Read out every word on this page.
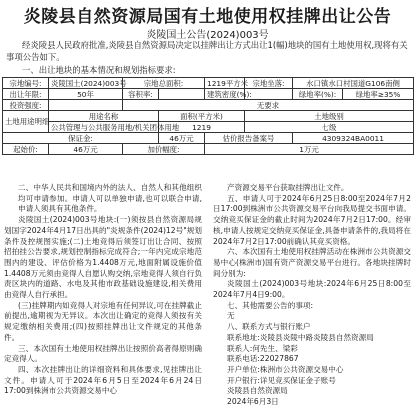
炎陵县自然资源局国有土地使用权挂牌出让公告
炎陵国土公告(2024)003号
经炎陵县人民政府批准,炎陵县自然资源局决定以挂牌出让方式出让1(幅)地块的国有土地使用权,现将有关事项公告如下。
一、出让地块的基本情况和规划指标要求:
宗地编号:	炎陵国土(2024)003号	宗地总面积:		1219平方米	宗地坐落:	水口镇水口村国道G106南侧	
出让年限:	50年	容积率:		建筑密度(%):		绿地率(%):	绿地率≥35%
投资强度:		无要求					
土地用途明细	用途名称		面积(平方米)		土地级别		
	公共管理与公共服务用地/机关团体用地		1219		七级		
保证金:			46万元	估价报告备案号		4309324BA0011	
起始价:	46万元	加价幅度:		1万元			

二、中华人民共和国境内外的法人、自然人和其他组织均可申请参加。申请人可以单独申请,也可以联合申请,申请人须具有其他条件。

炎陵国土(2024)003号地块:(一)须按县自然资源局规划国字2024年4月17日出具的"炎规条件(2024)12号"规划条件及控规图实施;(二)土地竞得后须签订出让合同、按照招拍挂公告要求,规划控制指标完成符合;一年内完成宗地范围内的建设、评估价格为1.4408万元,地面附属设施价值1.4408万元须由竞得人自愿认购交纳,宗地竞得人须自行负责区块内的道路、水电及其他市政基础设施建设,相关费用由竞得人自行承担。

(三)挂牌期内如竞得人对宗地有任何异议,可在挂牌截止前提出,逾期视为无异议。本次出让确定的竞得人须按有关规定缴纳相关费用;(四)按照挂牌出让文件规定的其他条件。

三、本次国有土地使用权挂牌出让按照价高者得原则确定竞得人。

四、本次挂牌出让的详细资料和具体要求,见挂牌出让文件。申请人可于2024年6月5日至2024年6月24日17:00到株洲市公共资源交易中心

产资源交易平台获取挂牌出让文件。

五、申请人可于2024年6月25日8:00至2024年7月2日17:00到株洲市公共资源交易平台向我局提交书面申请。交纳竞买保证金的截止时间为2024年7月2日17:00。经审核,申请人按规定交纳竞买保证金,具备申请条件的,我局将在2024年7月2日17:00前确认其竞买资格。

六、本次国有土地使用权挂牌活动在株洲市公共资源交易中心(株洲市)国有资产资源交易平台进行。各地块挂牌时间分别为:

炎陵国土(2024)003号地块:2024年6月25日8:00至2024年7月4日9:00。

七、其他需要公告的事项:

无

八、联系方式与银行账户

联系地址:炎陵县炎陵中路炎陵县自然资源局

联系人:何先生、梁彩

联系电话:22027867

开户单位:株洲市公共资源交易中心

开户银行:详见竞买保证金子账号

炎陵县自然资源局

2024年6月3日
